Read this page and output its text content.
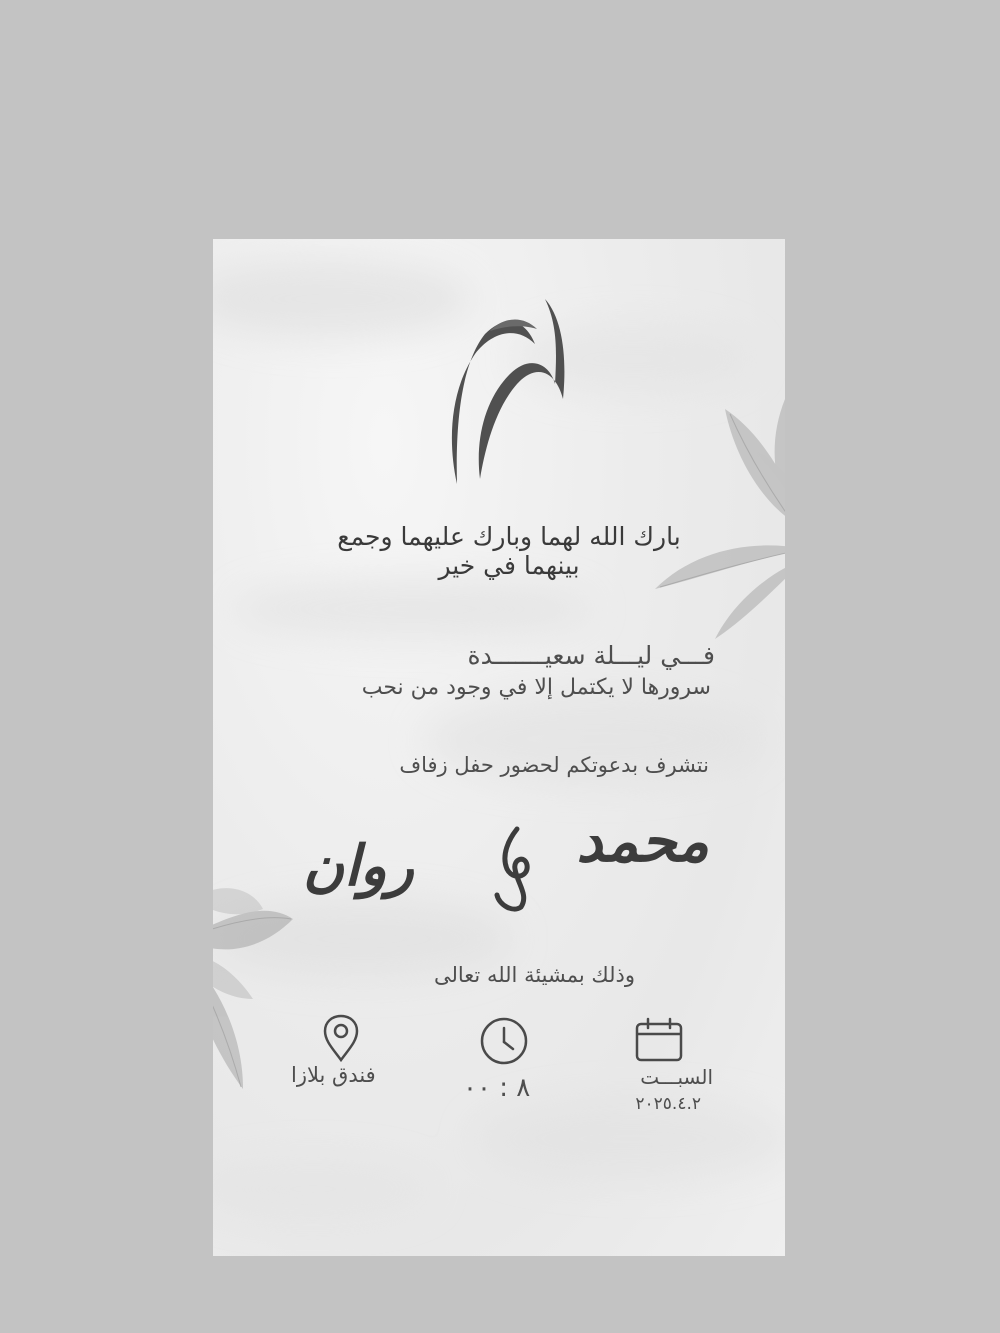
بارك الله لهما وبارك عليهما وجمع بينهما في خير
فـــي ليـــلة سعيـــــــدة
سرورها لا يكتمل إلا في وجود من نحب
نتشرف بدعوتكم لحضور حفل زفاف
محمد
و
روان
وذلك بمشيئة الله تعالى
السبـــت
٢٠٢٥.٤.٢
٨ : ٠٠
فندق بلازا
